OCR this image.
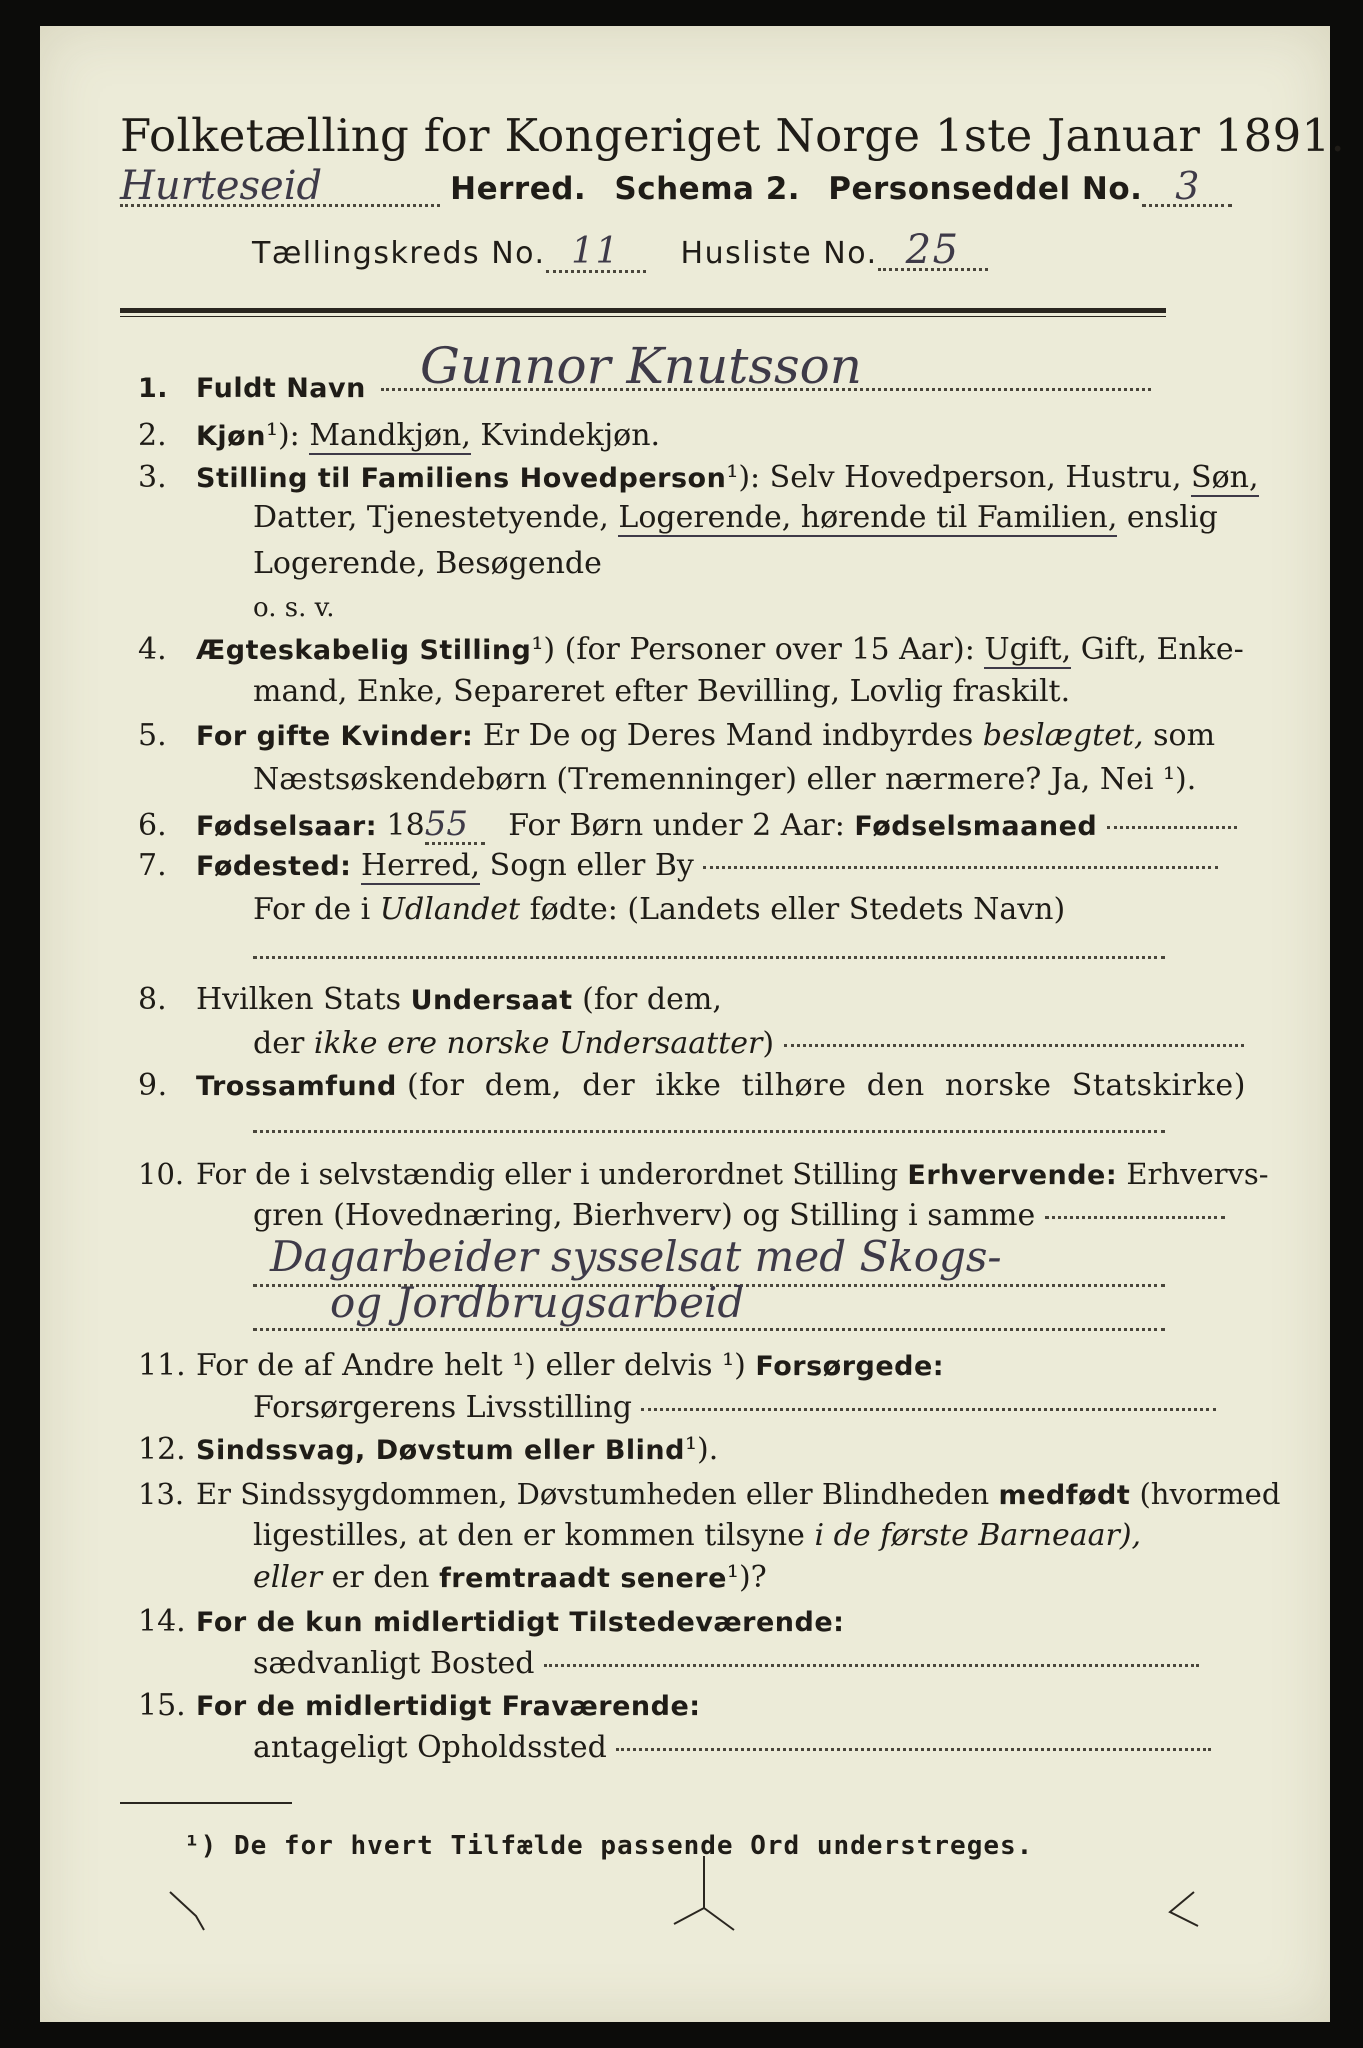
Folketælling for Kongeriget Norge 1ste Januar 1891.
Hurteseid	Herred. Schema 2. Personseddel No. 3
Tællingskreds No. 11 Husliste No. 25
1. Fuldt Navn	Gunnor Knutsson
2. Kjøn¹): Mandkjøn, Kvindekjøn.
3. Stilling til Familiens Hovedperson¹): Selv Hovedperson, Hustru, Søn,
Datter, Tjenestetyende, Logerende, hørende til Familien, enslig
Logerende, Besøgende
o. s. v.
4. Ægteskabelig Stilling¹) (for Personer over 15 Aar): Ugift, Gift, Enke-
mand, Enke, Separeret efter Bevilling, Lovlig fraskilt.
5. For gifte Kvinder: Er De og Deres Mand indbyrdes beslægtet, som
Næstsøskendebørn (Tremenninger) eller nærmere? Ja, Nei ¹).
6. Fødselsaar: 1855 For Børn under 2 Aar: Fødselsmaaned
7. Fødested: Herred, Sogn eller By
For de i Udlandet fødte: (Landets eller Stedets Navn)
8. Hvilken Stats Undersaat (for dem,
der ikke ere norske Undersaatter)
9. Trossamfund (for dem, der ikke tilhøre den norske Statskirke)
10. For de i selvstændig eller i underordnet Stilling Erhvervende: Erhvervs-
gren (Hovednæring, Bierhverv) og Stilling i samme
Dagarbeider sysselsat med Skogs-
og Jordbrugsarbeid
11. For de af Andre helt ¹) eller delvis ¹) Forsørgede:
Forsørgerens Livsstilling
12. Sindssvag, Døvstum eller Blind¹).
13. Er Sindssygdommen, Døvstumheden eller Blindheden medfødt (hvormed
ligestilles, at den er kommen tilsyne i de første Barneaar),
eller er den fremtraadt senere¹)?
14. For de kun midlertidigt Tilstedeværende:
sædvanligt Bosted
15. For de midlertidigt Fraværende:
antageligt Opholdssted
¹) De for hvert Tilfælde passende Ord understreges.
